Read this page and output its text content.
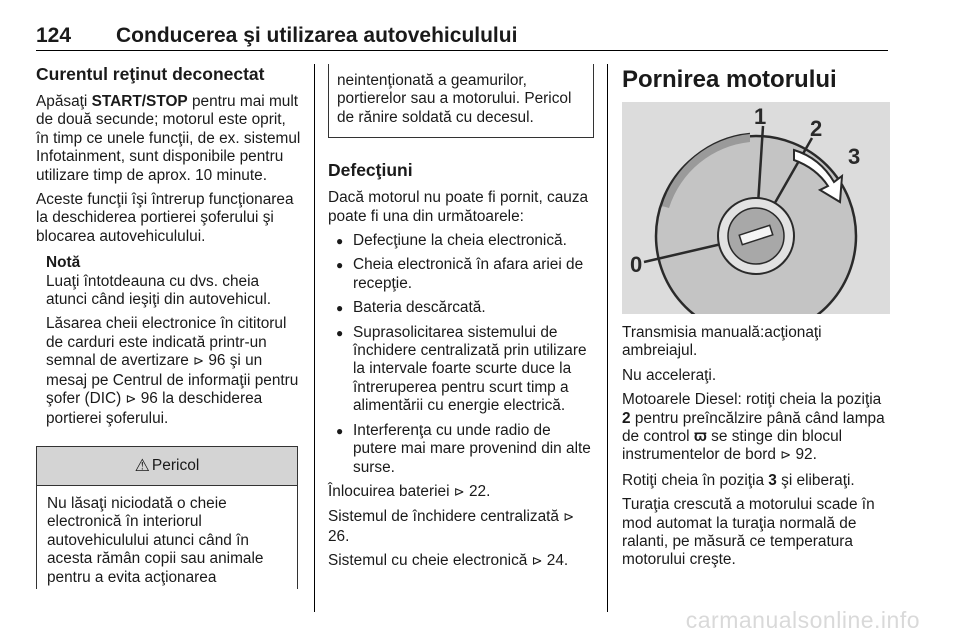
124 Conducerea şi utilizarea autovehiculului
Curentul reţinut deconectat

Apăsaţi START/STOP pentru mai mult de două secunde; motorul este oprit, în timp ce unele funcţii, de ex. sistemul Infotainment, sunt disponibile pentru utilizare timp de aprox. 10 minute.

Aceste funcţii îşi întrerup funcţionarea la deschiderea portierei şoferului şi blocarea autovehiculului.

Notă

Luaţi întotdeauna cu dvs. cheia atunci când ieşiţi din autovehicul.

Lăsarea cheii electronice în cititorul de carduri este indicată printr-un semnal de avertizare ⊳ 96 şi un mesaj pe Centrul de informaţii pentru şofer (DIC) ⊳ 96 la deschiderea portierei şoferului.

⚠ Pericol
Nu lăsaţi niciodată o cheie electronică în interiorul autovehiculului atunci când în acesta rămân copii sau animale pentru a evita acţionarea
neintenţionată a geamurilor, portierelor sau a motorului. Pericol de rănire soldată cu decesul.
Defecţiuni

Dacă motorul nu poate fi pornit, cauza poate fi una din următoarele:

● Defecţiune la cheia electronică.
● Cheia electronică în afara ariei de recepţie.
● Bateria descărcată.
● Suprasolicitarea sistemului de închidere centralizată prin utilizare la intervale foarte scurte duce la întreruperea pentru scurt timp a alimentării cu energie electrică.
● Interferenţa cu unde radio de putere mai mare provenind din alte surse.

Înlocuirea bateriei ⊳ 22.

Sistemul de închidere centralizată ⊳ 26.

Sistemul cu cheie electronică ⊳ 24.

Pornirea motorului
0
1 2
3

Transmisia manuală:acţionaţi ambreiajul.

Nu acceleraţi.

Motoarele Diesel: rotiţi cheia la poziţia 2 pentru preîncălzire până când lampa de control ϖ se stinge din blocul instrumentelor de bord ⊳ 92.

Rotiţi cheia în poziţia 3 şi eliberaţi.

Turaţia crescută a motorului scade în mod automat la turaţia normală de ralanti, pe măsură ce temperatura motorului creşte.

carmanualsonline.info
